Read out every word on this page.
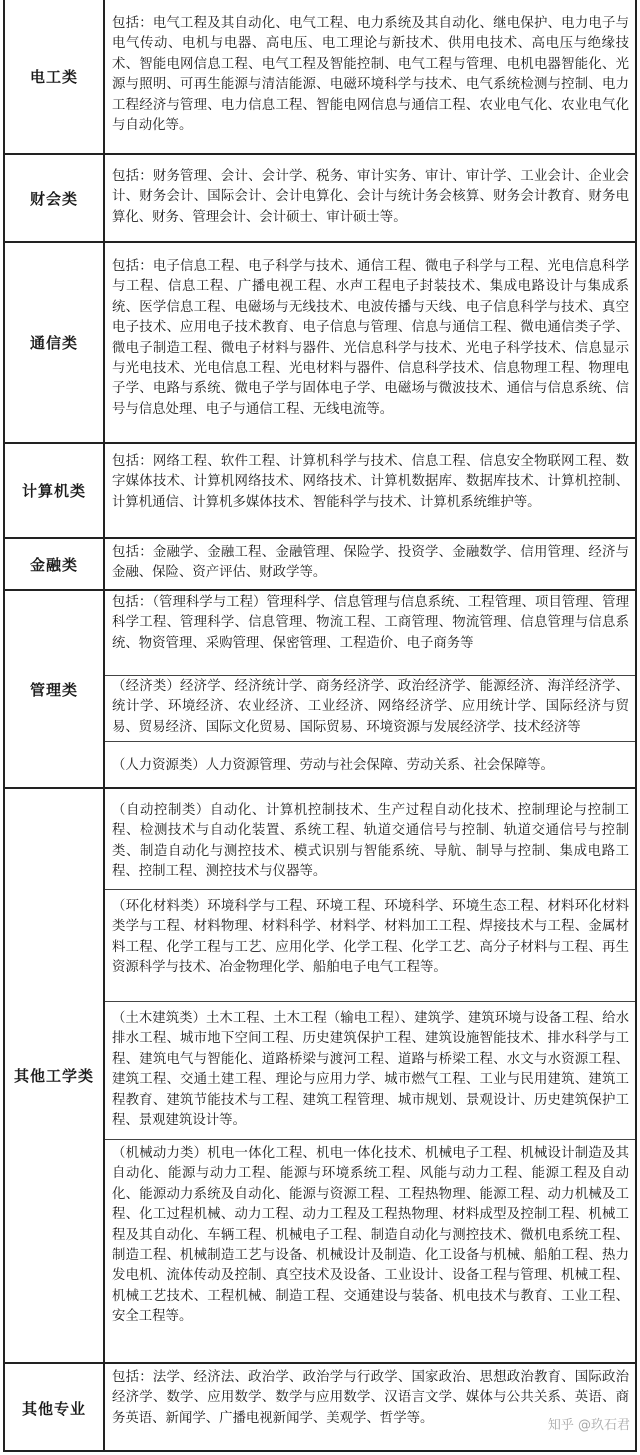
电工类
包括：电气工程及其自动化、电气工程、电力系统及其自动化、继电保护、电力电子与电气传动、电机与电器、高电压、电工理论与新技术、供用电技术、高电压与绝缘技术、智能电网信息工程、电气工程及智能控制、电气工程与管理、电机电器智能化、光源与照明、可再生能源与清洁能源、电磁环境科学与技术、电气系统检测与控制、电力工程经济与管理、电力信息工程、智能电网信息与通信工程、农业电气化、农业电气化与自动化等。
财会类
包括：财务管理、会计、会计学、税务、审计实务、审计、审计学、工业会计、企业会计、财务会计、国际会计、会计电算化、会计与统计务会核算、财务会计教育、财务电算化、财务、管理会计、会计硕士、审计硕士等。
通信类
包括：电子信息工程、电子科学与技术、通信工程、微电子科学与工程、光电信息科学与工程、信息工程、广播电视工程、水声工程电子封装技术、集成电路设计与集成系统、医学信息工程、电磁场与无线技术、电波传播与天线、电子信息科学与技术、真空电子技术、应用电子技术教育、电子信息与管理、信息与通信工程、微电通信类子学、微电子制造工程、微电子材料与器件、光信息科学与技术、光电子科学技术、信息显示与光电技术、光电信息工程、光电材料与器件、信息科学技术、信息物理工程、物理电子学、电路与系统、微电子学与固体电子学、电磁场与微波技术、通信与信息系统、信号与信息处理、电子与通信工程、无线电流等。
计算机类
包括：网络工程、软件工程、计算机科学与技术、信息工程、信息安全物联网工程、数字媒体技术、计算机网络技术、网络技术、计算机数据库、数据库技术、计算机控制、计算机通信、计算机多媒体技术、智能科学与技术、计算机系统维护等。
金融类
包括：金融学、金融工程、金融管理、保险学、投资学、金融数学、信用管理、经济与金融、保险、资产评估、财政学等。
管理类
包括：（管理科学与工程）管理科学、信息管理与信息系统、工程管理、项目管理、管理科学工程、管理科学、信息管理、物流工程、工商管理、物流管理、信息管理与信息系统、物资管理、采购管理、保密管理、工程造价、电子商务等
（经济类）经济学、经济统计学、商务经济学、政治经济学、能源经济、海洋经济学、统计学、环境经济、农业经济、工业经济、网络经济学、应用统计学、国际经济与贸易、贸易经济、国际文化贸易、国际贸易、环境资源与发展经济学、技术经济等
（人力资源类）人力资源管理、劳动与社会保障、劳动关系、社会保障等。
其他工学类
（自动控制类）自动化、计算机控制技术、生产过程自动化技术、控制理论与控制工程、检测技术与自动化装置、系统工程、轨道交通信号与控制、轨道交通信号与控制类、制造自动化与测控技术、模式识别与智能系统、导航、制导与控制、集成电路工程、控制工程、测控技术与仪器等。
（环化材料类）环境科学与工程、环境工程、环境科学、环境生态工程、材料环化材料类学与工程、材料物理、材料科学、材料学、材料加工工程、焊接技术与工程、金属材料工程、化学工程与工艺、应用化学、化学工程、化学工艺、高分子材料与工程、再生资源科学与技术、冶金物理化学、船舶电子电气工程等。
（土木建筑类）土木工程、土木工程（输电工程）、建筑学、建筑环境与设备工程、给水排水工程、城市地下空间工程、历史建筑保护工程、建筑设施智能技术、排水科学与工程、建筑电气与智能化、道路桥梁与渡河工程、道路与桥梁工程、水文与水资源工程、建筑工程、交通土建工程、理论与应用力学、城市燃气工程、工业与民用建筑、建筑工程教育、建筑节能技术与工程、建筑工程管理、城市规划、景观设计、历史建筑保护工程、景观建筑设计等。
（机械动力类）机电一体化工程、机电一体化技术、机械电子工程、机械设计制造及其自动化、能源与动力工程、能源与环境系统工程、风能与动力工程、能源工程及自动化、能源动力系统及自动化、能源与资源工程、工程热物理、能源工程、动力机械及工程、化工过程机械、动力工程、动力工程及工程热物理、材料成型及控制工程、机械工程及其自动化、车辆工程、机械电子工程、制造自动化与测控技术、微机电系统工程、制造工程、机械制造工艺与设备、机械设计及制造、化工设备与机械、船舶工程、热力发电机、流体传动及控制、真空技术及设备、工业设计、设备工程与管理、机械工程、机械工艺技术、工程机械、制造工程、交通建设与装备、机电技术与教育、工业工程、安全工程等。
其他专业
包括：法学、经济法、政治学、政治学与行政学、国家政治、思想政治教育、国际政治经济学、数学、应用数学、数学与应用数学、汉语言文学、媒体与公共关系、英语、商务英语、新闻学、广播电视新闻学、美观学、哲学等。	知乎 @玖石君
